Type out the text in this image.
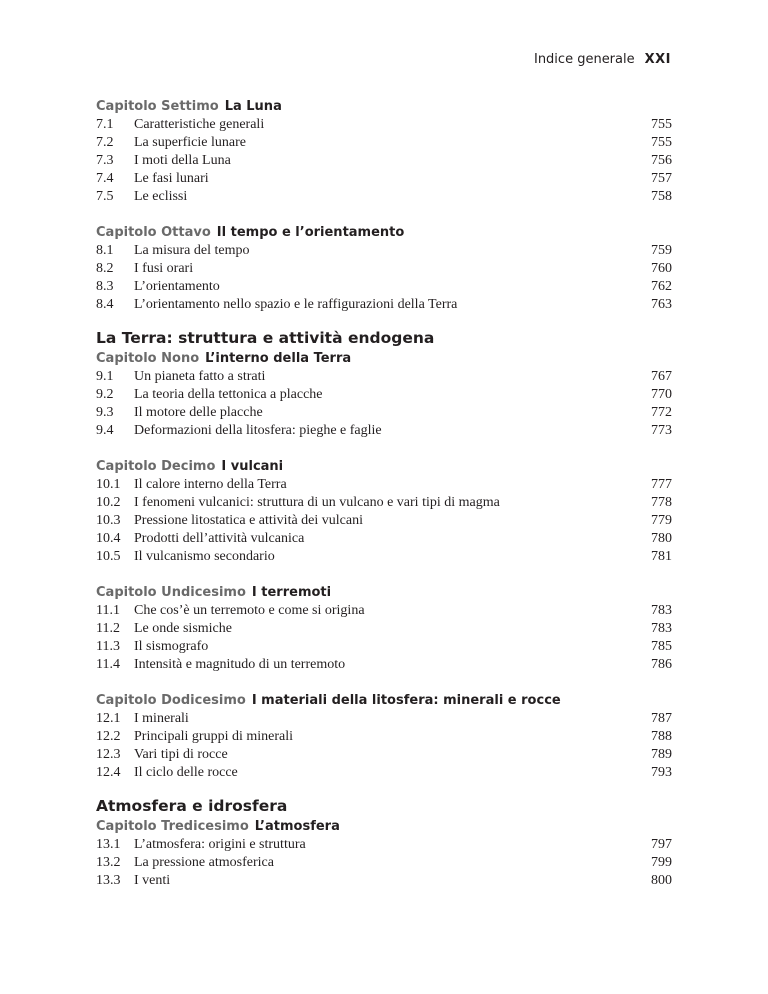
Indice generale XXI
Capitolo Settimo La Luna
7.1	Caratteristiche generali	755
7.2	La superficie lunare	755
7.3	I moti della Luna	756
7.4	Le fasi lunari	757
7.5	Le eclissi	758
Capitolo Ottavo Il tempo e l’orientamento
8.1	La misura del tempo	759
8.2	I fusi orari	760
8.3	L’orientamento	762
8.4	L’orientamento nello spazio e le raffigurazioni della Terra	763
La Terra: struttura e attività endogena
Capitolo Nono L’interno della Terra
9.1	Un pianeta fatto a strati	767
9.2	La teoria della tettonica a placche	770
9.3	Il motore delle placche	772
9.4	Deformazioni della litosfera: pieghe e faglie	773
Capitolo Decimo I vulcani
10.1 Il calore interno della Terra	777
10.2 I fenomeni vulcanici: struttura di un vulcano e vari tipi di magma	778
10.3 Pressione litostatica e attività dei vulcani	779
10.4 Prodotti dell’attività vulcanica	780
10.5 Il vulcanismo secondario	781
Capitolo Undicesimo I terremoti
11.1	Che cos’è un terremoto e come si origina	783
11.2	Le onde sismiche	783
11.3	Il sismografo	785
11.4	Intensità e magnitudo di un terremoto	786
Capitolo Dodicesimo I materiali della litosfera: minerali e rocce
12.1 I minerali	787
12.2 Principali gruppi di minerali	788
12.3 Vari tipi di rocce	789
12.4 Il ciclo delle rocce	793
Atmosfera e idrosfera
Capitolo Tredicesimo L’atmosfera
13.1 L’atmosfera: origini e struttura	797
13.2 La pressione atmosferica	799
13.3 I venti	800
